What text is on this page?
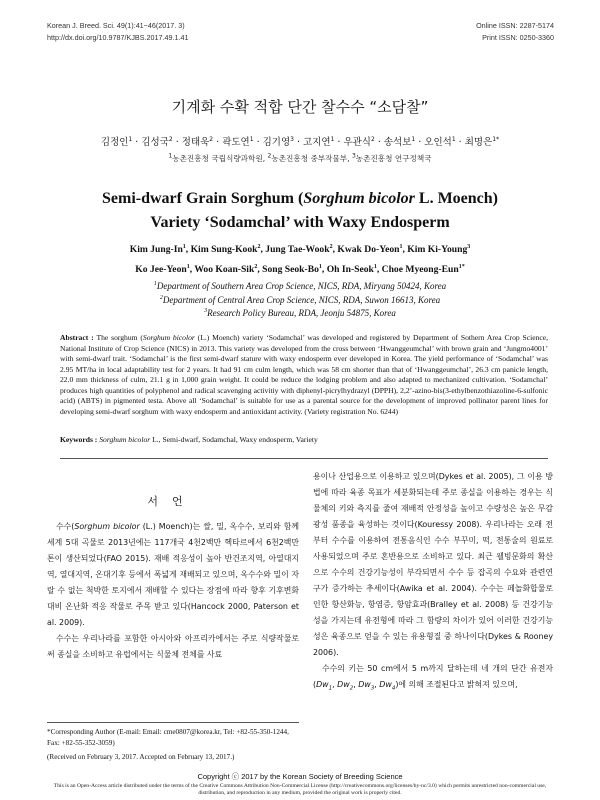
Korean J. Breed. Sci. 49(1):41~46(2017. 3)
http://dx.doi.org/10.9787/KJBS.2017.49.1.41
Online ISSN: 2287-5174
Print ISSN: 0250-3360
기계화 수확 적합 단간 찰수수 “소담찰”
김정인$^1$ · 김성국$^2$ · 정태욱$^2$ · 곽도연$^1$ · 김기영$^3$ · 고지연$^1$ · 우관식$^2$ · 송석보$^1$ · 오인석$^1$ · 최명은$^{1*}$
$^1$농촌진흥청 국립식량과학원, $^2$농촌진흥청 중부작물부, $^3$농촌진흥청 연구정책국
Semi-dwarf Grain Sorghum (Sorghum bicolor L. Moench)
Variety ‘Sodamchal’ with Waxy Endosperm
Kim Jung-In$^1$, Kim Sung-Kook$^2$, Jung Tae-Wook$^2$, Kwak Do-Yeon$^1$, Kim Ki-Young$^3$
Ko Jee-Yeon$^1$, Woo Koan-Sik$^2$, Song Seok-Bo$^1$, Oh In-Seok$^1$, Choe Myeong-Eun$^{1*}$
$^1$Department of Southern Area Crop Science, NICS, RDA, Miryang 50424, Korea
$^2$Department of Central Area Crop Science, NICS, RDA, Suwon 16613, Korea
$^3$Research Policy Bureau, RDA, Jeonju 54875, Korea
Abstract : The sorghum (Sorghum bicolor (L.) Moench) variety ‘Sodamchal’ was developed and registered by Department of Sothern Area Crop Science, National Institute of Crop Science (NICS) in 2013. This variety was developed from the cross between ‘Hwanggeumchal’ with brown grain and ‘Jungmo4001’ with semi-dwarf trait. ‘Sodamchal’ is the first semi-dwarf stature with waxy endosperm ever developed in Korea. The yield performance of ‘Sodamchal’ was 2.95 MT/ha in local adaptability test for 2 years. It had 91 cm culm length, which was 58 cm shorter than that of ‘Hwanggeumchal’, 26.3 cm panicle length, 22.0 mm thickness of culm, 21.1 g in 1,000 grain weight. It could be reduce the lodging problem and also adapted to mechanized cultivation. ‘Sodamchal’ produces high quantities of polyphenol and radical scavenging activitiy with diphenyl-picrylhydrazyl (DPPH), 2,2’-azino-bis(3-ethylbenzothiazoline-6-sulfonic acid) (ABTS) in pigmented testa. Above all ‘Sodamchal’ is suitable for use as a parental source for the development of improved pollinator parent lines for developing semi-dwarf sorghum with waxy endosperm and antioxidant activity. (Variety registration No. 6244)
Keywords : Sorghum bicolor L., Semi-dwarf, Sodamchal, Waxy endosperm, Variety
서언

수수(Sorghum bicolor (L.) Moench)는 쌀, 밀, 옥수수, 보리와 함께 세계 5대 곡물로 2013년에는 117개국 4천2백만 헥타르에서 6천2백만톤이 생산되었다(FAO 2015). 재배 적응성이 높아 반건조지역, 아열대지역, 열대지역, 온대기후 등에서 폭넓게 재배되고 있으며, 옥수수와 밀이 자랄 수 없는 척박한 토지에서 재배할 수 있다는 장점에 따라 향후 기후변화 대비 온난화 적응 작물로 주목 받고 있다(Hancock 2000, Paterson et al. 2009).

수수는 우리나라를 포함한 아시아와 아프리카에서는 주로 식량작물로써 종실을 소비하고 유럽에서는 식물체 전체를 사료

용이나 산업용으로 이용하고 있으며(Dykes et al. 2005), 그 이용 방법에 따라 육종 목표가 세분화되는데 주로 종실을 이용하는 경우는 식물체의 키와 측지를 줄여 재배적 안정성을 높이고 수량성은 높은 무감광성 품종을 육성하는 것이다(Kouressy 2008). 우리나라는 오래 전부터 수수를 이용하여 전통음식인 수수 부꾸미, 떡, 전통술의 원료로 사용되었으며 주로 혼반용으로 소비하고 있다. 최근 웰빙문화의 확산으로 수수의 건강기능성이 부각되면서 수수 등 잡곡의 수요와 관련연구가 증가하는 추세이다(Awika et al. 2004). 수수는 페놀화합물로 인한 항산화능, 항염증, 항암효과(Bralley et al. 2008) 등 건강기능성을 가지는데 유전형에 따라 그 함량의 차이가 있어 이러한 건강기능성은 육종으로 얻을 수 있는 유용형질 중 하나이다(Dykes & Rooney 2006).

수수의 키는 50 cm에서 5 m까지 달하는데 네 개의 단간 유전자($Dw_1$, $Dw_2$, $Dw_3$, $Dw_4$)에 의해 조절된다고 밝혀져 있으며,

*Corresponding Author (E-mail: Email: cme0807@korea.kr, Tel: +82-55-350-1244, Fax: +82-55-352-3059)

(Received on February 3, 2017. Accepted on February 13, 2017.)

Copyright ⓒ 2017 by the Korean Society of Breeding Science
This is an Open-Access article distributed under the terms of the Creative Commons Attribution Non-Commercial License (http://creativecommons.org/licenses/by-nc/3.0) which permits unrestricted non-commercial use, distribution, and reproduction in any medium, provided the original work is properly cited.
